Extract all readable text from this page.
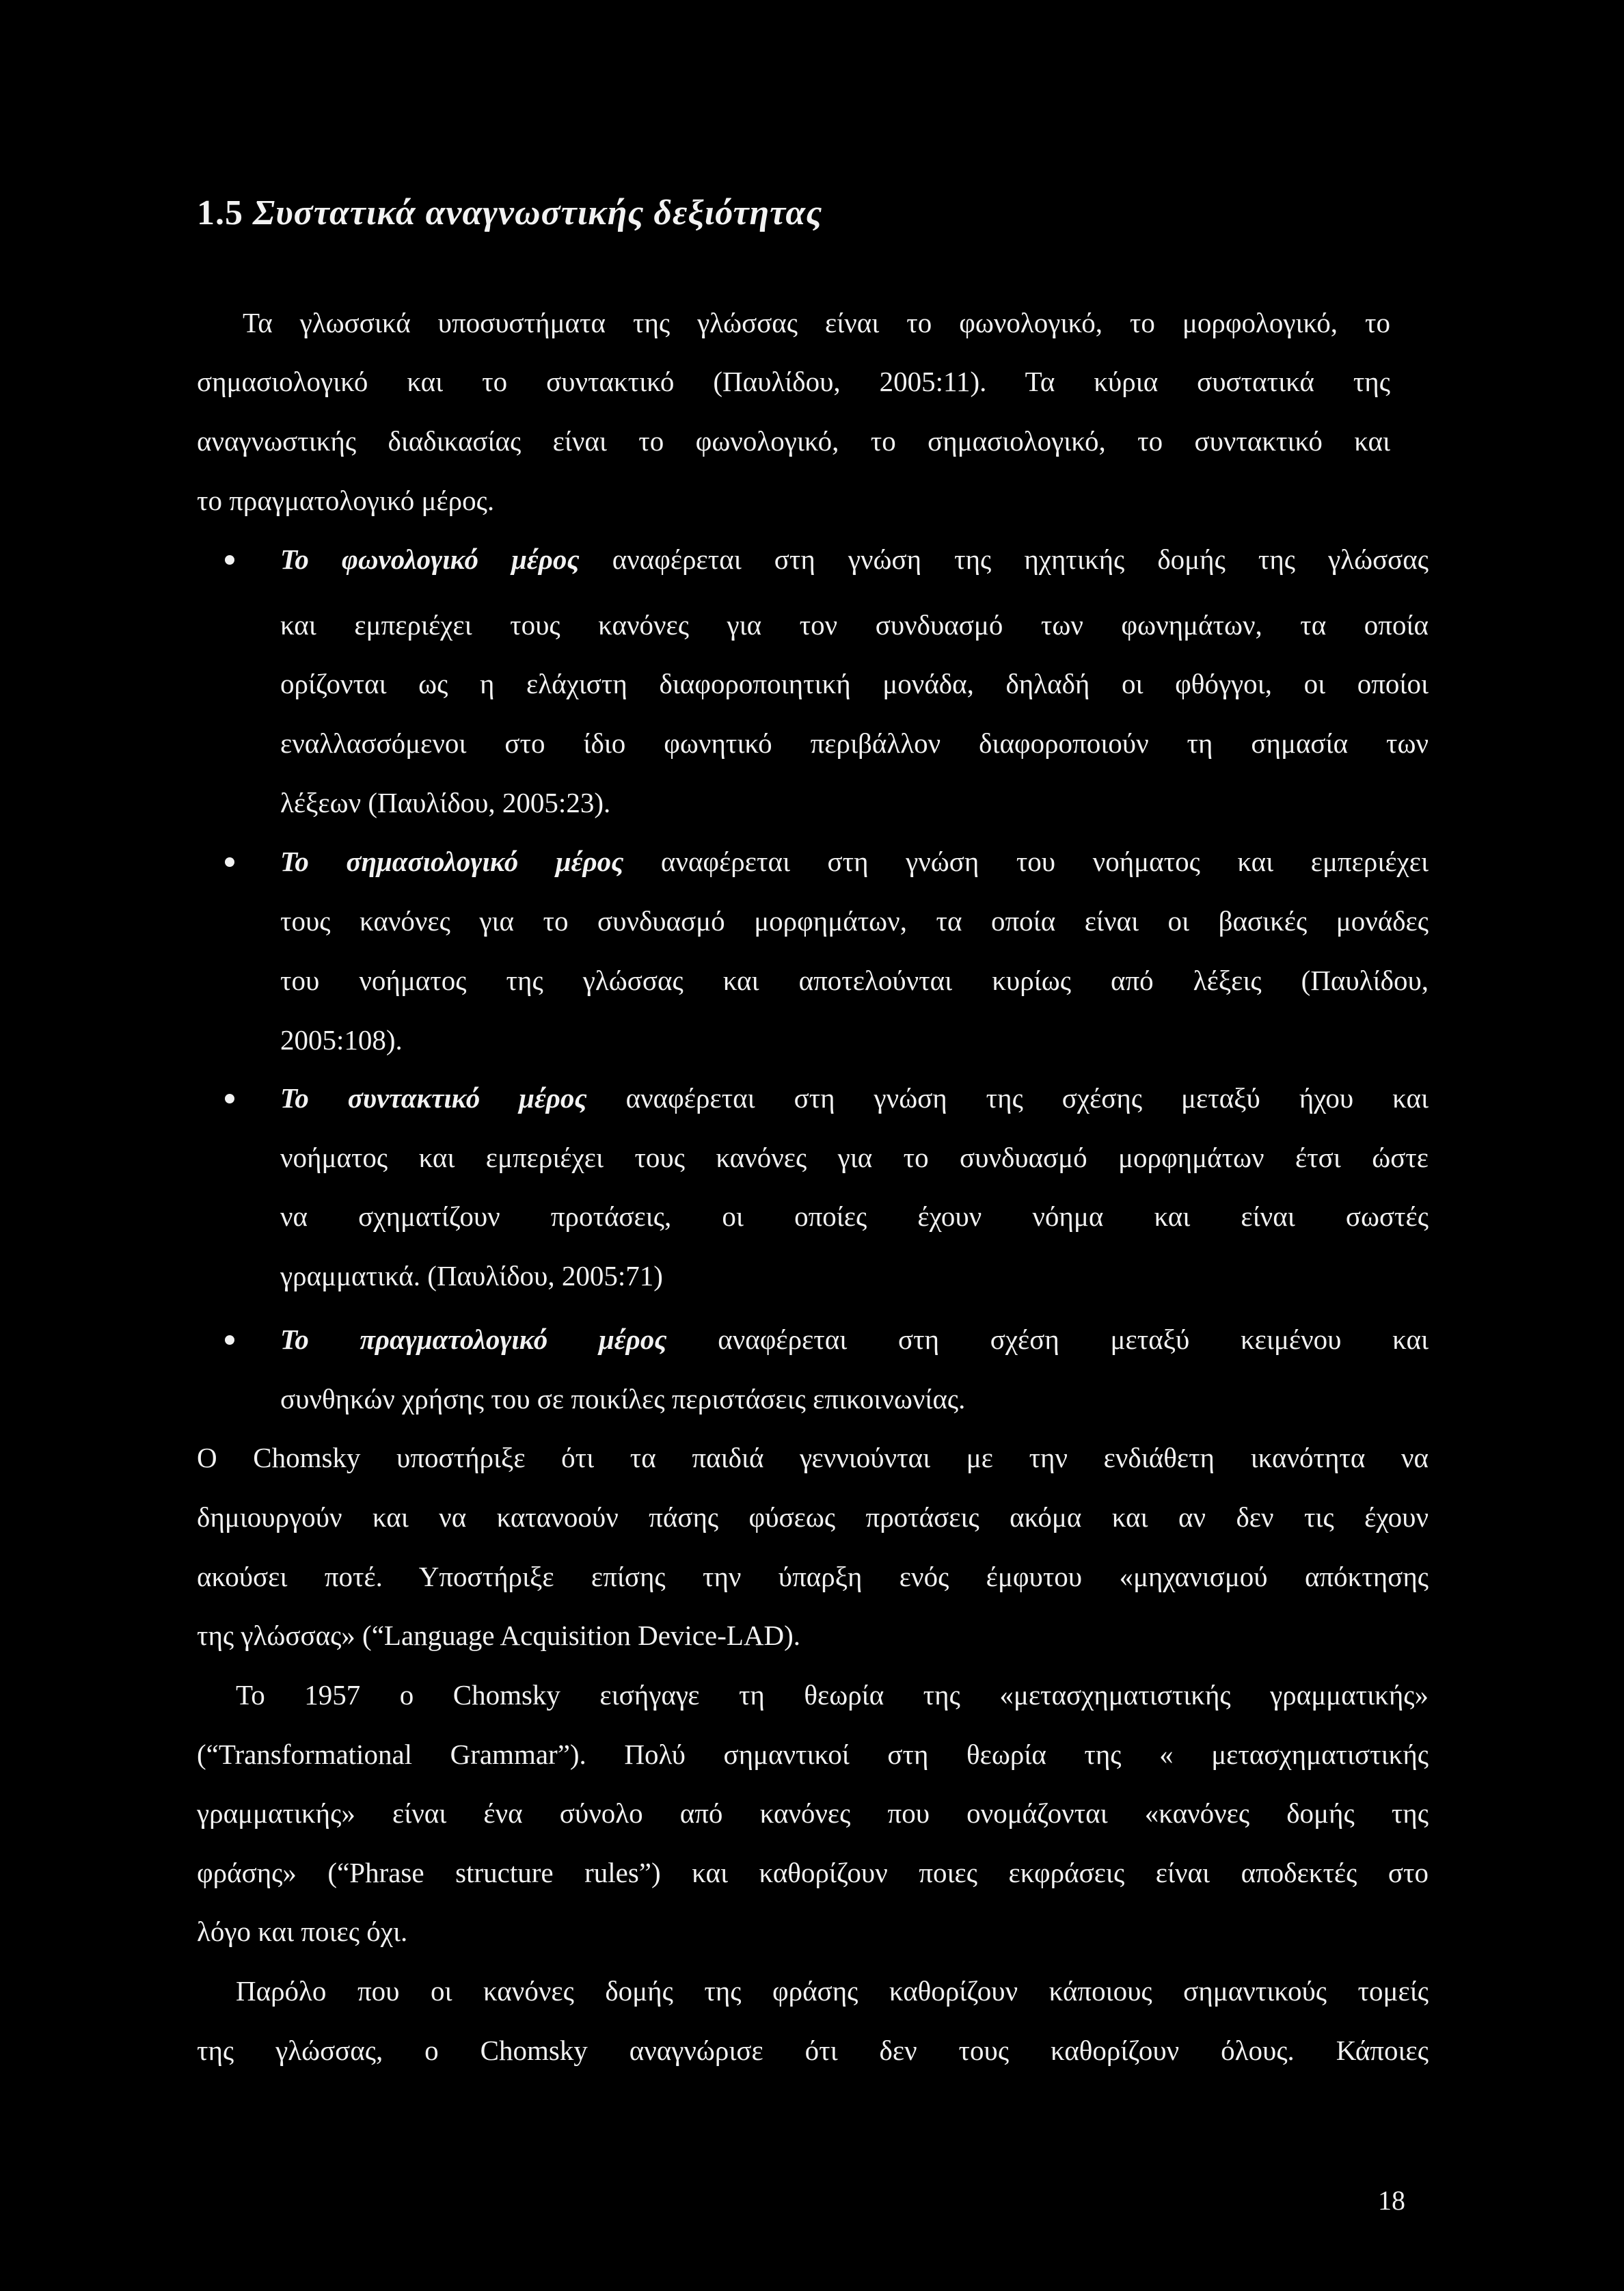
1.5 Συστατικά αναγνωστικής δεξιότητας
Τα γλωσσικά υποσυστήματα της γλώσσας είναι το φωνολογικό, το μορφολογικό, το
σημασιολογικό και το συντακτικό (Παυλίδου, 2005:11). Τα κύρια συστατικά της
αναγνωστικής διαδικασίας είναι το φωνολογικό, το σημασιολογικό, το συντακτικό και
το πραγματολογικό μέρος.
Το φωνολογικό μέρος αναφέρεται στη γνώση της ηχητικής δομής της γλώσσας
και εμπεριέχει τους κανόνες για τον συνδυασμό των φωνημάτων, τα οποία
ορίζονται ως η ελάχιστη διαφοροποιητική μονάδα, δηλαδή οι φθόγγοι, οι οποίοι
εναλλασσόμενοι στο ίδιο φωνητικό περιβάλλον διαφοροποιούν τη σημασία των
λέξεων (Παυλίδου, 2005:23).
Το σημασιολογικό μέρος αναφέρεται στη γνώση του νοήματος και εμπεριέχει
τους κανόνες για το συνδυασμό μορφημάτων, τα οποία είναι οι βασικές μονάδες
του νοήματος της γλώσσας και αποτελούνται κυρίως από λέξεις (Παυλίδου,
2005:108).
Το συντακτικό μέρος αναφέρεται στη γνώση της σχέσης μεταξύ ήχου και
νοήματος και εμπεριέχει τους κανόνες για το συνδυασμό μορφημάτων έτσι ώστε
να σχηματίζουν προτάσεις, οι οποίες έχουν νόημα και είναι σωστές
γραμματικά. (Παυλίδου, 2005:71)
Το πραγματολογικό μέρος αναφέρεται στη σχέση μεταξύ κειμένου και
συνθηκών χρήσης του σε ποικίλες περιστάσεις επικοινωνίας.
O Chomsky υποστήριξε ότι τα παιδιά γεννιούνται με την ενδιάθετη ικανότητα να
δημιουργούν και να κατανοούν πάσης φύσεως προτάσεις ακόμα και αν δεν τις έχουν
ακούσει ποτέ. Υποστήριξε επίσης την ύπαρξη ενός έμφυτου «μηχανισμού απόκτησης
της γλώσσας» (“Language Acquisition Device-LAD).
Το 1957 ο Chomsky εισήγαγε τη θεωρία της «μετασχηματιστικής γραμματικής»
(“Transformational Grammar”). Πολύ σημαντικοί στη θεωρία της « μετασχηματιστικής
γραμματικής» είναι ένα σύνολο από κανόνες που ονομάζονται «κανόνες δομής της
φράσης» (“Phrase structure rules”) και καθορίζουν ποιες εκφράσεις είναι αποδεκτές στο
λόγο και ποιες όχι.
Παρόλο που οι κανόνες δομής της φράσης καθορίζουν κάποιους σημαντικούς τομείς
της γλώσσας, ο Chomsky αναγνώρισε ότι δεν τους καθορίζουν όλους. Κάποιες
18
